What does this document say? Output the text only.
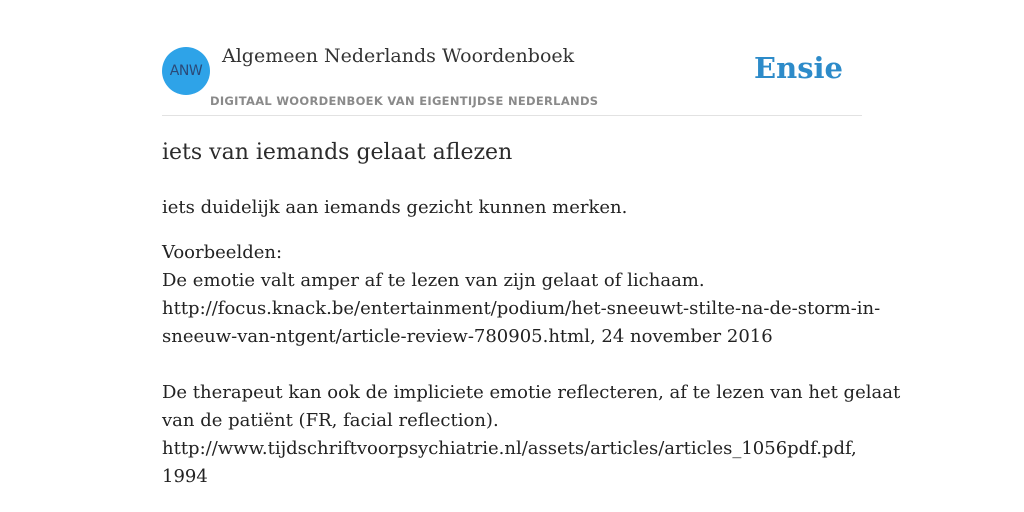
ANW
Algemeen Nederlands Woordenboek
DIGITAAL WOORDENBOEK VAN EIGENTIJDSE NEDERLANDS
Ensie
iets van iemands gelaat aflezen
iets duidelijk aan iemands gezicht kunnen merken.

Voorbeelden:

De emotie valt amper af te lezen van zijn gelaat of lichaam.

http://focus.knack.be/entertainment/podium/het-sneeuwt-stilte-na-de-storm-in-
sneeuw-van-ntgent/article-review-780905.html, 24 november 2016

De therapeut kan ook de impliciete emotie reflecteren, af te lezen van het gelaat
van de patiënt (FR, facial reflection).

http://www.tijdschriftvoorpsychiatrie.nl/assets/articles/articles_1056pdf.pdf,
1994
